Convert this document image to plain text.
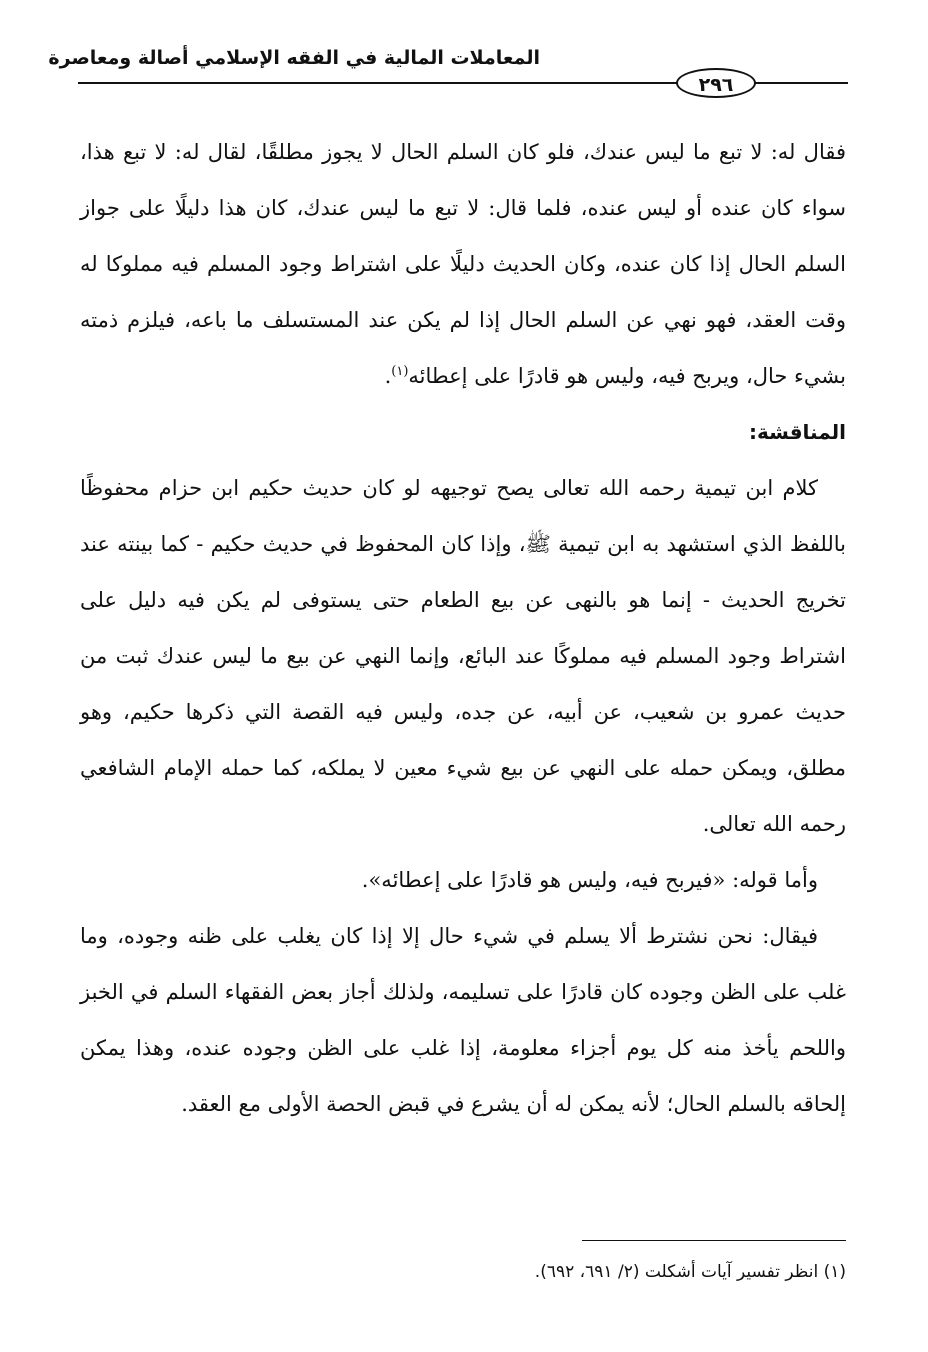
المعاملات المالية في الفقه الإسلامي أصالة ومعاصرة
٢٩٦

فقال له: لا تبع ما ليس عندك، فلو كان السلم الحال لا يجوز مطلقًا، لقال له: لا تبع هذا، سواء كان عنده أو ليس عنده، فلما قال: لا تبع ما ليس عندك، كان هذا دليلًا على جواز السلم الحال إذا كان عنده، وكان الحديث دليلًا على اشتراط وجود المسلم فيه مملوكا له وقت العقد، فهو نهي عن السلم الحال إذا لم يكن عند المستسلف ما باعه، فيلزم ذمته بشيء حال، ويربح فيه، وليس هو قادرًا على إعطائه$^{(١)}$.

المناقشة:

كلام ابن تيمية رحمه الله تعالى يصح توجيهه لو كان حديث حكيم ابن حزام محفوظًا باللفظ الذي استشهد به ابن تيمية ﷺ، وإذا كان المحفوظ في حديث حكيم - كما بينته عند تخريج الحديث - إنما هو بالنهى عن بيع الطعام حتى يستوفى لم يكن فيه دليل على اشتراط وجود المسلم فيه مملوكًا عند البائع، وإنما النهي عن بيع ما ليس عندك ثبت من حديث عمرو بن شعيب، عن أبيه، عن جده، وليس فيه القصة التي ذكرها حكيم، وهو مطلق، ويمكن حمله على النهي عن بيع شيء معين لا يملكه، كما حمله الإمام الشافعي رحمه الله تعالى.

وأما قوله: «فيربح فيه، وليس هو قادرًا على إعطائه».

فيقال: نحن نشترط ألا يسلم في شيء حال إلا إذا كان يغلب على ظنه وجوده، وما غلب على الظن وجوده كان قادرًا على تسليمه، ولذلك أجاز بعض الفقهاء السلم في الخبز واللحم يأخذ منه كل يوم أجزاء معلومة، إذا غلب على الظن وجوده عنده، وهذا يمكن إلحاقه بالسلم الحال؛ لأنه يمكن له أن يشرع في قبض الحصة الأولى مع العقد.

(١) انظر تفسير آيات أشكلت (٢/ ٦٩١، ٦٩٢).
